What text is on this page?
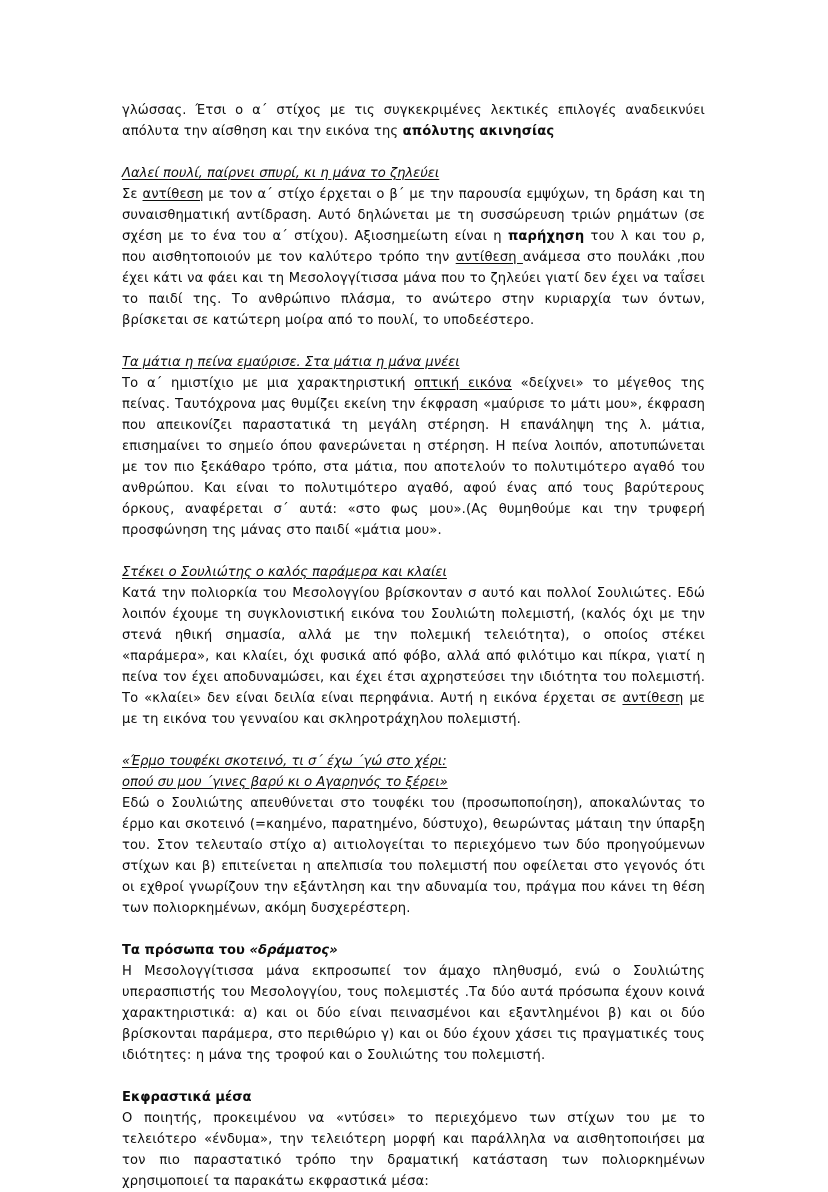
γλώσσας. Έτσι ο α΄ στίχος με τις συγκεκριμένες λεκτικές επιλογές αναδεικνύει απόλυτα την αίσθηση και την εικόνα της απόλυτης ακινησίας

Λαλεί πουλί, παίρνει σπυρί, κι η μάνα το ζηλεύει

Σε αντίθεση με τον α΄ στίχο έρχεται ο β΄ με την παρουσία εμψύχων, τη δράση και τη συναισθηματική αντίδραση. Αυτό δηλώνεται με τη συσσώρευση τριών ρημάτων (σε σχέση με το ένα του α΄ στίχου). Αξιοσημείωτη είναι η παρήχηση του λ και του ρ, που αισθητοποιούν με τον καλύτερο τρόπο την αντίθεση ανάμεσα στο πουλάκι ,που έχει κάτι να φάει και τη Μεσολογγίτισσα μάνα που το ζηλεύει γιατί δεν έχει να ταΐσει το παιδί της. Το ανθρώπινο πλάσμα, το ανώτερο στην κυριαρχία των όντων, βρίσκεται σε κατώτερη μοίρα από το πουλί, το υποδεέστερο.

Τα μάτια η πείνα εμαύρισε. Στα μάτια η μάνα μνέει

Το α΄ ημιστίχιο με μια χαρακτηριστική οπτική εικόνα «δείχνει» το μέγεθος της πείνας. Ταυτόχρονα μας θυμίζει εκείνη την έκφραση «μαύρισε το μάτι μου», έκφραση που απεικονίζει παραστατικά τη μεγάλη στέρηση. Η επανάληψη της λ. μάτια, επισημαίνει το σημείο όπου φανερώνεται η στέρηση. Η πείνα λοιπόν, αποτυπώνεται με τον πιο ξεκάθαρο τρόπο, στα μάτια, που αποτελούν το πολυτιμότερο αγαθό του ανθρώπου. Και είναι το πολυτιμότερο αγαθό, αφού ένας από τους βαρύτερους όρκους, αναφέρεται σ΄ αυτά: «στο φως μου».(Ας θυμηθούμε και την τρυφερή προσφώνηση της μάνας στο παιδί «μάτια μου».

Στέκει ο Σουλιώτης ο καλός παράμερα και κλαίει

Κατά την πολιορκία του Μεσολογγίου βρίσκονταν σ αυτό και πολλοί Σουλιώτες. Εδώ λοιπόν έχουμε τη συγκλονιστική εικόνα του Σουλιώτη πολεμιστή, (καλός όχι με την στενά ηθική σημασία, αλλά με την πολεμική τελειότητα), ο οποίος στέκει «παράμερα», και κλαίει, όχι φυσικά από φόβο, αλλά από φιλότιμο και πίκρα, γιατί η πείνα τον έχει αποδυναμώσει, και έχει έτσι αχρηστεύσει την ιδιότητα του πολεμιστή. Το «κλαίει» δεν είναι δειλία είναι περηφάνια. Αυτή η εικόνα έρχεται σε αντίθεση με με τη εικόνα του γενναίου και σκληροτράχηλου πολεμιστή.

«Έρμο τουφέκι σκοτεινό, τι σ΄ έχω ΄γώ στο χέρι:
οπού συ μου ΄γινες βαρύ κι ο Αγαρηνός το ξέρει»

Εδώ ο Σουλιώτης απευθύνεται στο τουφέκι του (προσωποποίηση), αποκαλώντας το έρμο και σκοτεινό (=καημένο, παρατημένο, δύστυχο), θεωρώντας μάταιη την ύπαρξη του. Στον τελευταίο στίχο α) αιτιολογείται το περιεχόμενο των δύο προηγούμενων στίχων και β) επιτείνεται η απελπισία του πολεμιστή που οφείλεται στο γεγονός ότι οι εχθροί γνωρίζουν την εξάντληση και την αδυναμία του, πράγμα που κάνει τη θέση των πολιορκημένων, ακόμη δυσχερέστερη.

Τα πρόσωπα του «δράματος»

Η Μεσολογγίτισσα μάνα εκπροσωπεί τον άμαχο πληθυσμό, ενώ ο Σουλιώτης υπερασπιστής του Μεσολογγίου, τους πολεμιστές .Τα δύο αυτά πρόσωπα έχουν κοινά χαρακτηριστικά: α) και οι δύο είναι πεινασμένοι και εξαντλημένοι β) και οι δύο βρίσκονται παράμερα, στο περιθώριο γ) και οι δύο έχουν χάσει τις πραγματικές τους ιδιότητες: η μάνα της τροφού και ο Σουλιώτης του πολεμιστή.

Εκφραστικά μέσα

Ο ποιητής, προκειμένου να «ντύσει» το περιεχόμενο των στίχων του με το τελειότερο «ένδυμα», την τελειότερη μορφή και παράλληλα να αισθητοποιήσει μα τον πιο παραστατικό τρόπο την δραματική κατάσταση των πολιορκημένων χρησιμοποιεί τα παρακάτω εκφραστικά μέσα:
